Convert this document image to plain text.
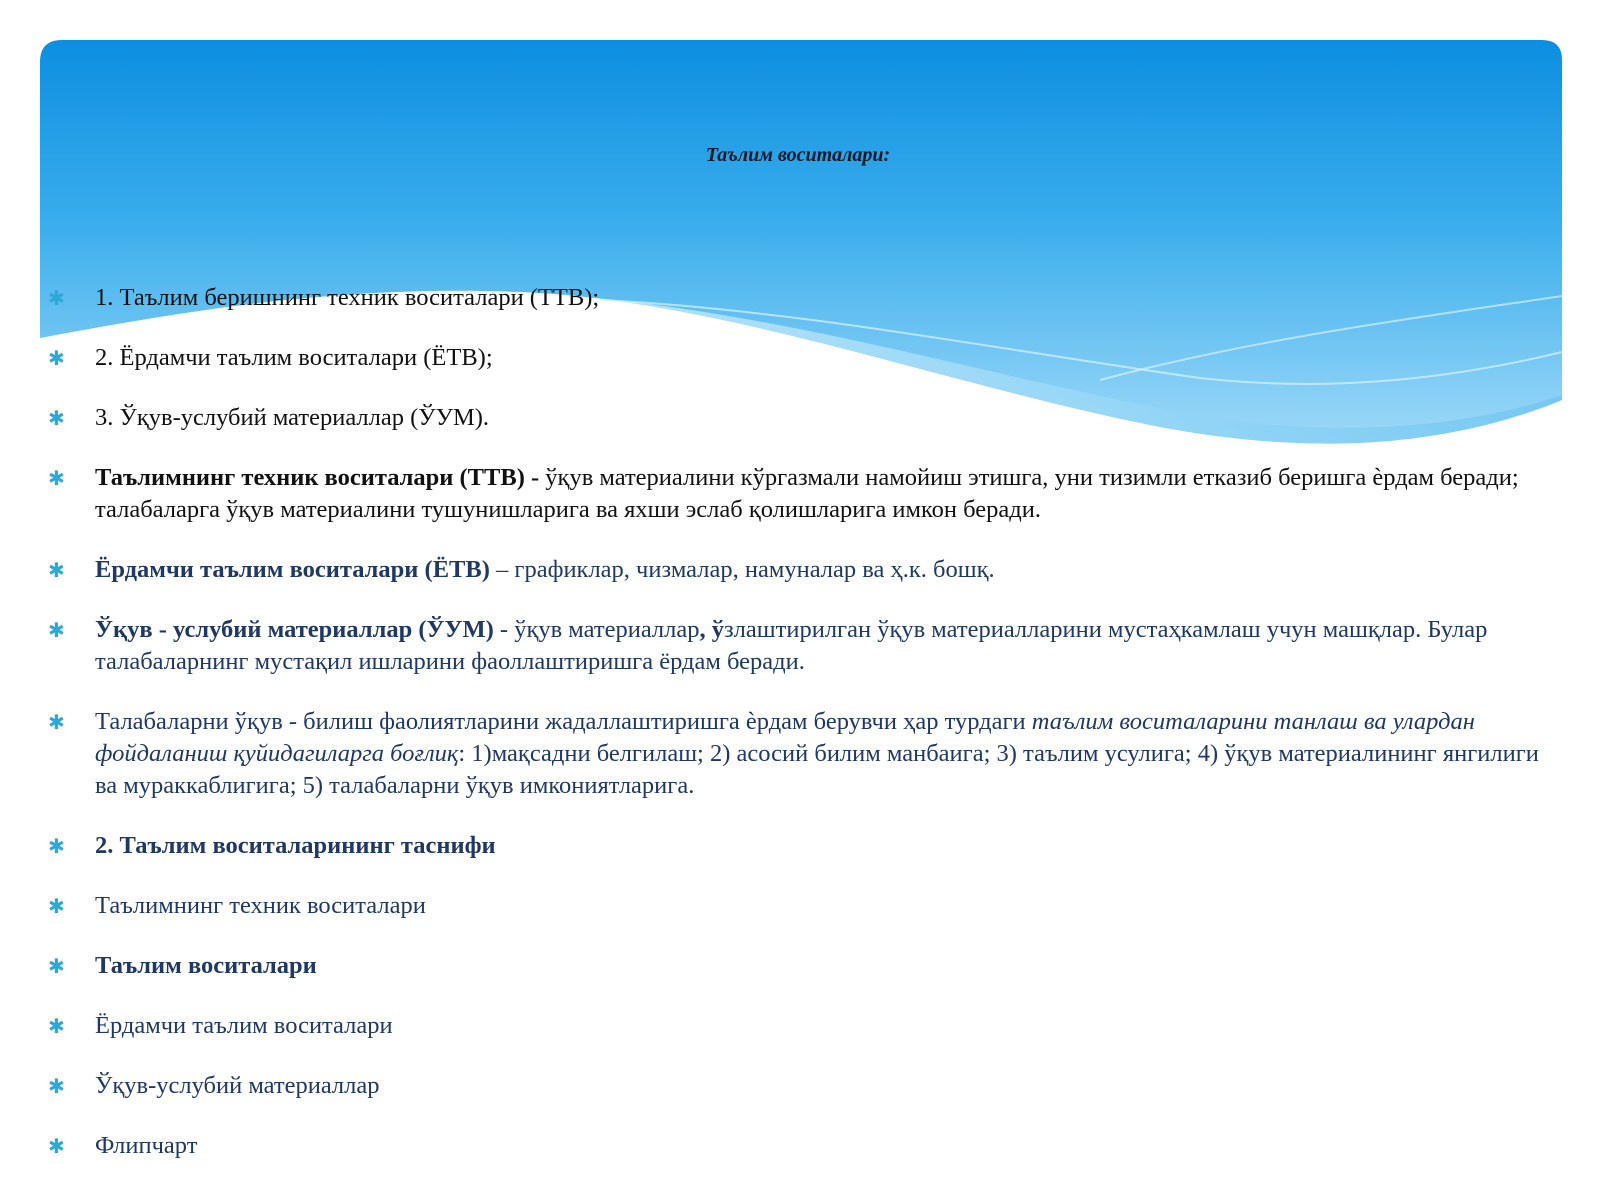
Таълим воситалари:
✱	1. Таълим беришнинг техник воситалари (ТТВ);
✱	2. Ёрдамчи таълим воситалари (ЁТВ);
✱	3. Ўқув-услубий материаллар (ЎУМ).
✱	Таълимнинг техник воситалари (ТТВ) - ўқув материалини кўргазмали намойиш этишга, уни тизимли етказиб беришга ѐрдам беради; талабаларга ўқув материалини тушунишларига ва яхши эслаб қолишларига имкон беради.
✱	Ёрдамчи таълим воситалари (ЁТВ) – графиклар, чизмалар, намуналар ва ҳ.к. бошқ.
✱	Ўқув - услубий материаллар (ЎУМ) - ўқув материаллар, ўзлаштирилган ўқув материалларини мустаҳкамлаш учун машқлар. Булар талабаларнинг мустақил ишларини фаоллаштиришга ёрдам беради.
✱	Талабаларни ўқув - билиш фаолиятларини жадаллаштиришга ѐрдам берувчи ҳар турдаги таълим воситаларини танлаш ва улардан фойдаланиш қуйидагиларга боғлиқ: 1)мақсадни белгилаш; 2) асосий билим манбаига; 3) таълим усулига; 4) ўқув материалининг янгилиги ва мураккаблигига; 5) талабаларни ўқув имкониятларига.
✱	2. Таълим воситаларининг таснифи
✱	Таълимнинг техник воситалари
✱	Таълим воситалари
✱	Ёрдамчи таълим воситалари
✱	Ўқув-услубий материаллар
✱	Флипчарт
